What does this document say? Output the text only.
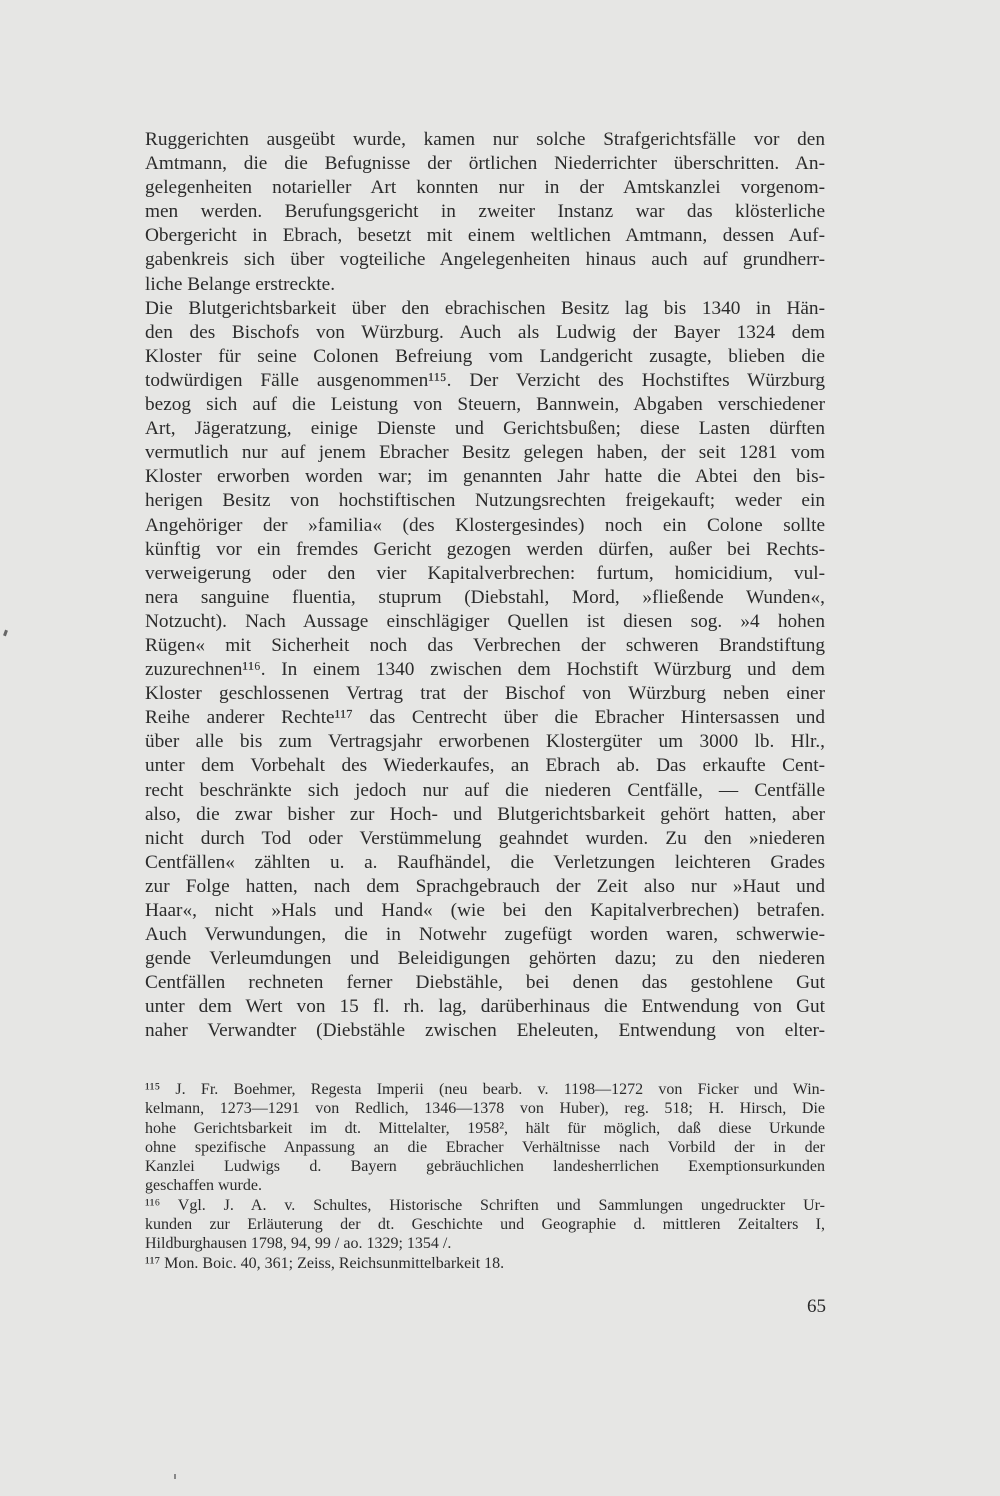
Ruggerichten ausgeübt wurde, kamen nur solche Strafgerichtsfälle vor den
Amtmann, die die Befugnisse der örtlichen Niederrichter überschritten. An-
gelegenheiten notarieller Art konnten nur in der Amtskanzlei vorgenom-
men werden. Berufungsgericht in zweiter Instanz war das klösterliche
Obergericht in Ebrach, besetzt mit einem weltlichen Amtmann, dessen Auf-
gabenkreis sich über vogteiliche Angelegenheiten hinaus auch auf grundherr-
liche Belange erstreckte.
Die Blutgerichtsbarkeit über den ebrachischen Besitz lag bis 1340 in Hän-
den des Bischofs von Würzburg. Auch als Ludwig der Bayer 1324 dem
Kloster für seine Colonen Befreiung vom Landgericht zusagte, blieben die
todwürdigen Fälle ausgenommen¹¹⁵. Der Verzicht des Hochstiftes Würzburg
bezog sich auf die Leistung von Steuern, Bannwein, Abgaben verschiedener
Art, Jägeratzung, einige Dienste und Gerichtsbußen; diese Lasten dürften
vermutlich nur auf jenem Ebracher Besitz gelegen haben, der seit 1281 vom
Kloster erworben worden war; im genannten Jahr hatte die Abtei den bis-
herigen Besitz von hochstiftischen Nutzungsrechten freigekauft; weder ein
Angehöriger der »familia« (des Klostergesindes) noch ein Colone sollte
künftig vor ein fremdes Gericht gezogen werden dürfen, außer bei Rechts-
verweigerung oder den vier Kapitalverbrechen: furtum, homicidium, vul-
nera sanguine fluentia, stuprum (Diebstahl, Mord, »fließende Wunden«,
Notzucht). Nach Aussage einschlägiger Quellen ist diesen sog. »4 hohen
Rügen« mit Sicherheit noch das Verbrechen der schweren Brandstiftung
zuzurechnen¹¹⁶. In einem 1340 zwischen dem Hochstift Würzburg und dem
Kloster geschlossenen Vertrag trat der Bischof von Würzburg neben einer
Reihe anderer Rechte¹¹⁷ das Centrecht über die Ebracher Hintersassen und
über alle bis zum Vertragsjahr erworbenen Klostergüter um 3000 lb. Hlr.,
unter dem Vorbehalt des Wiederkaufes, an Ebrach ab. Das erkaufte Cent-
recht beschränkte sich jedoch nur auf die niederen Centfälle, — Centfälle
also, die zwar bisher zur Hoch- und Blutgerichtsbarkeit gehört hatten, aber
nicht durch Tod oder Verstümmelung geahndet wurden. Zu den »niederen
Centfällen« zählten u. a. Raufhändel, die Verletzungen leichteren Grades
zur Folge hatten, nach dem Sprachgebrauch der Zeit also nur »Haut und
Haar«, nicht »Hals und Hand« (wie bei den Kapitalverbrechen) betrafen.
Auch Verwundungen, die in Notwehr zugefügt worden waren, schwerwie-
gende Verleumdungen und Beleidigungen gehörten dazu; zu den niederen
Centfällen rechneten ferner Diebstähle, bei denen das gestohlene Gut
unter dem Wert von 15 fl. rh. lag, darüberhinaus die Entwendung von Gut
naher Verwandter (Diebstähle zwischen Eheleuten, Entwendung von elter-
¹¹⁵ J. Fr. Boehmer, Regesta Imperii (neu bearb. v. 1198—1272 von Ficker und Win-
kelmann, 1273—1291 von Redlich, 1346—1378 von Huber), reg. 518; H. Hirsch, Die
hohe Gerichtsbarkeit im dt. Mittelalter, 1958², hält für möglich, daß diese Urkunde
ohne spezifische Anpassung an die Ebracher Verhältnisse nach Vorbild der in der
Kanzlei Ludwigs d. Bayern gebräuchlichen landesherrlichen Exemptionsurkunden
geschaffen wurde.
¹¹⁶ Vgl. J. A. v. Schultes, Historische Schriften und Sammlungen ungedruckter Ur-
kunden zur Erläuterung der dt. Geschichte und Geographie d. mittleren Zeitalters I,
Hildburghausen 1798, 94, 99 / ao. 1329; 1354 /.
¹¹⁷ Mon. Boic. 40, 361; Zeiss, Reichsunmittelbarkeit 18.
65
